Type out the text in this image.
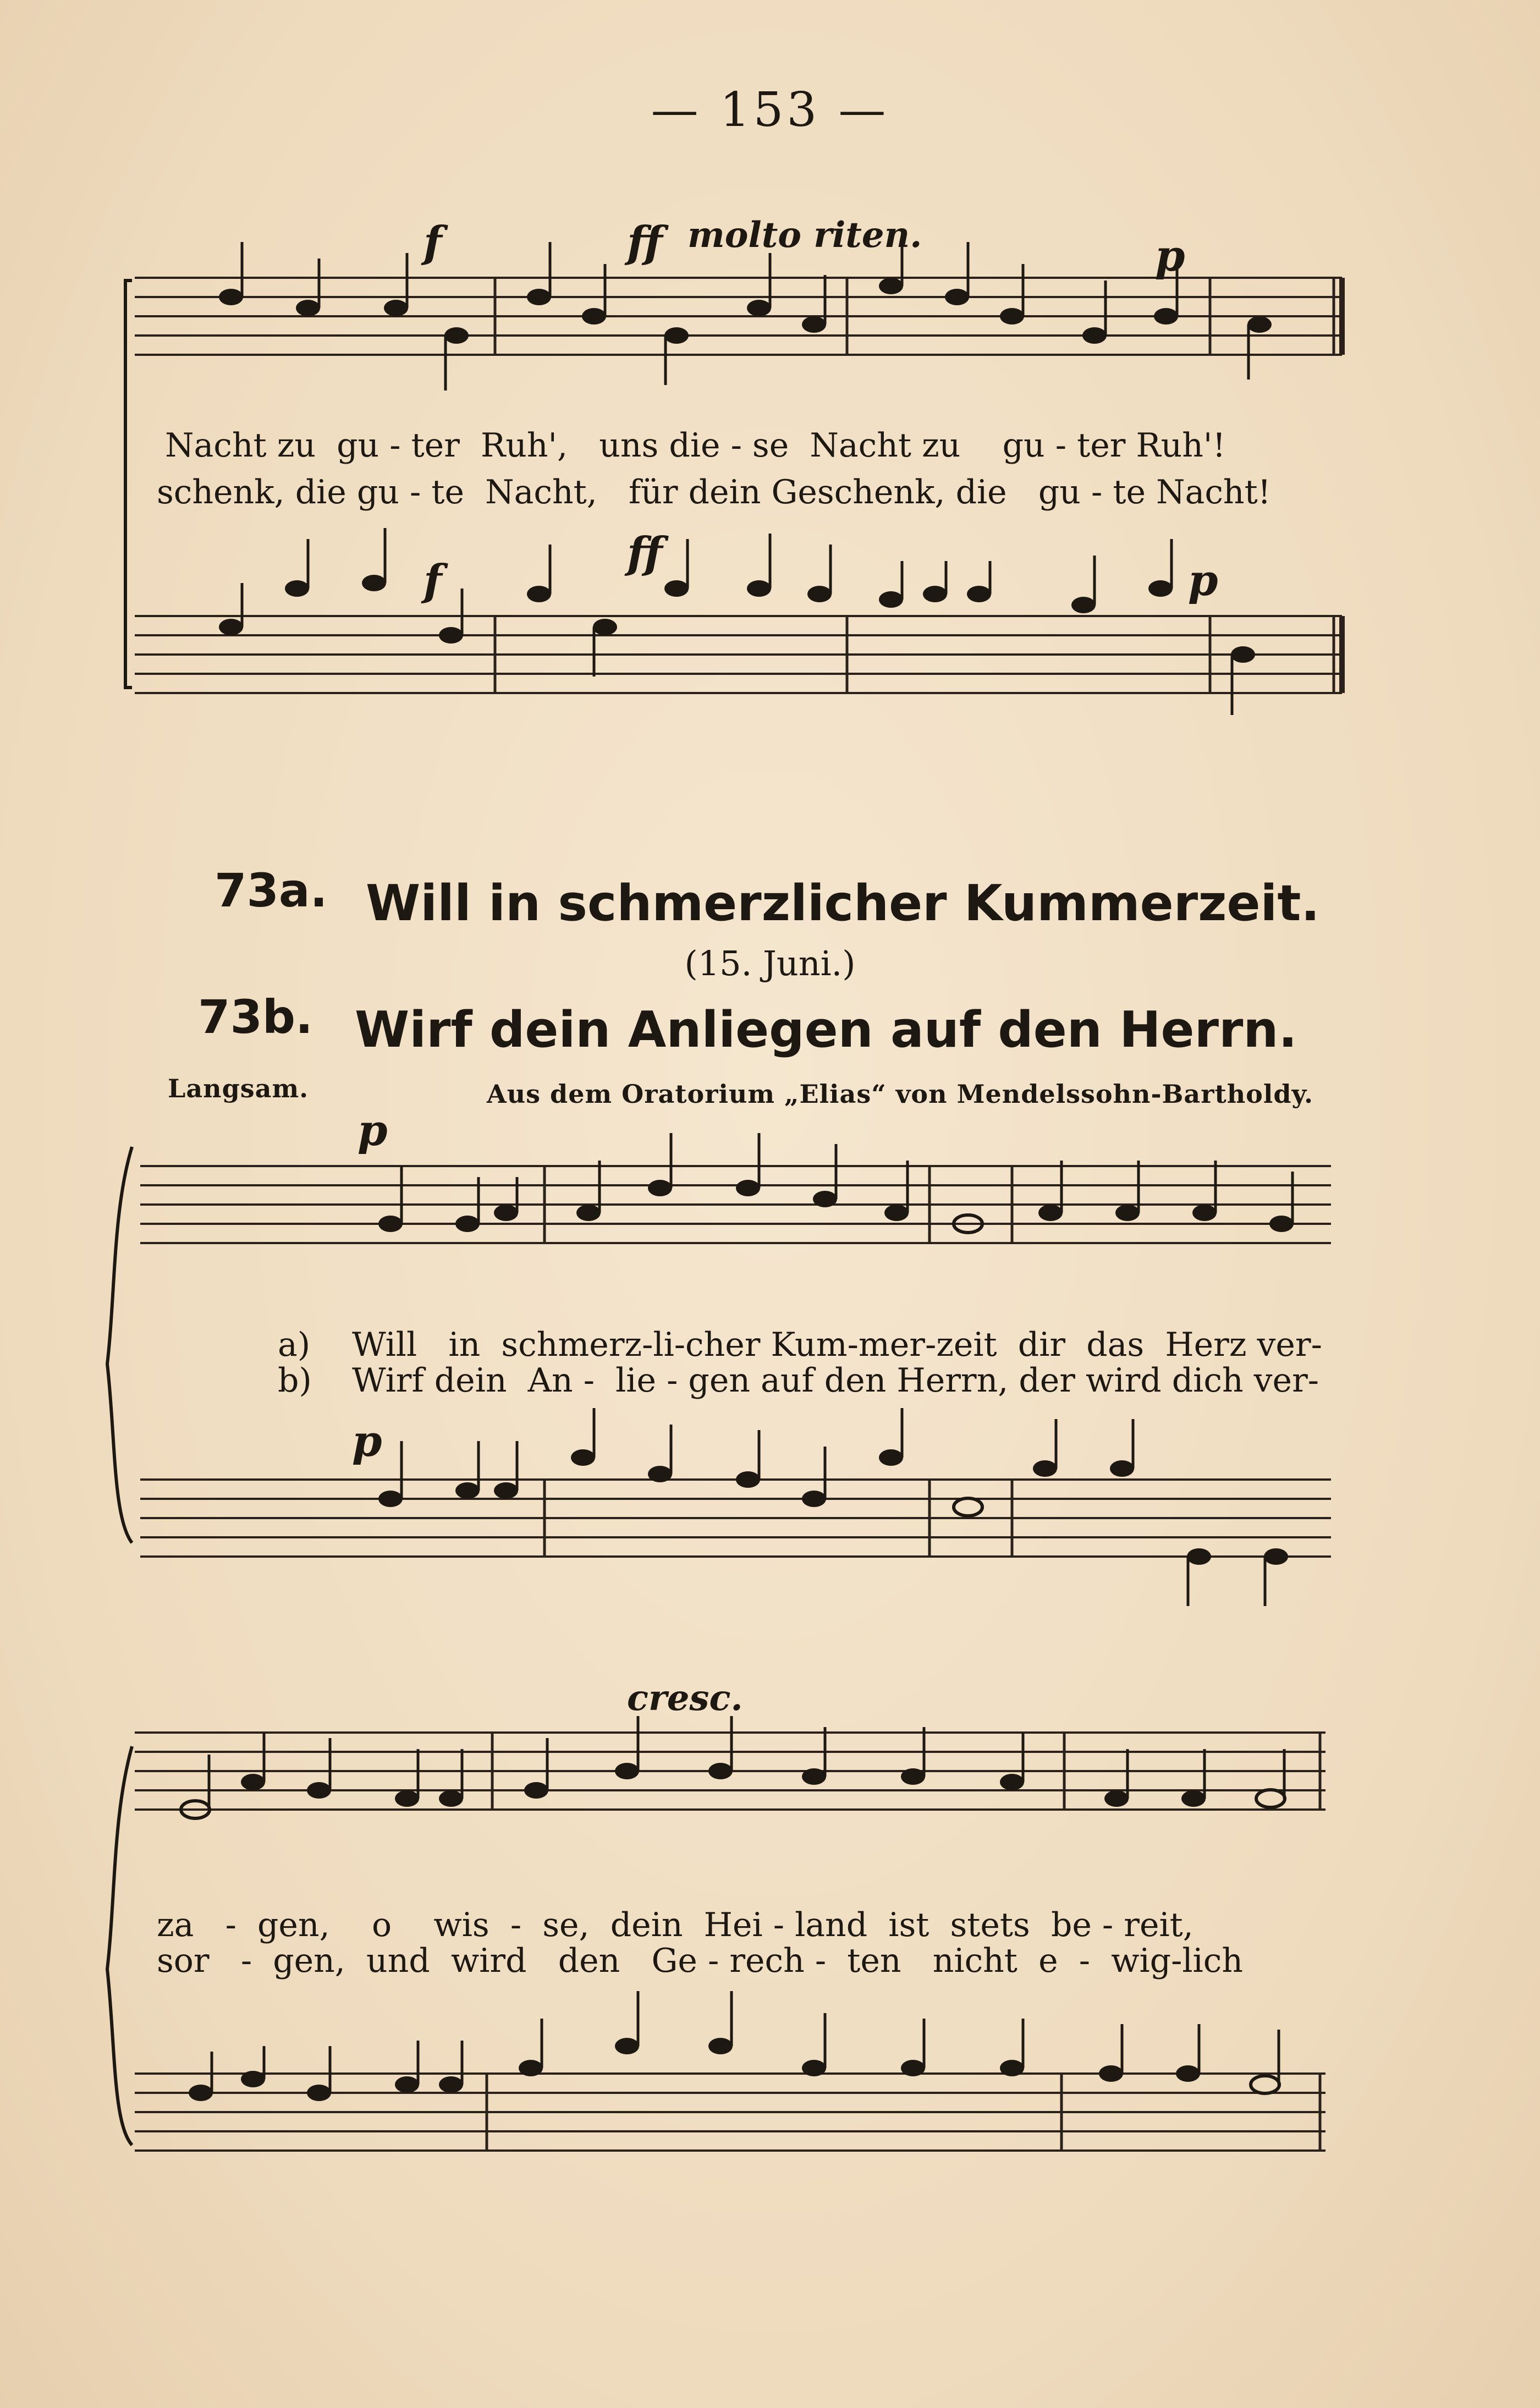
— 153 —
f	ff molto riten.	p
Nacht zu  gu - ter  Ruh',   uns die - se  Nacht zu    gu - ter Ruh'!
schenk, die gu - te  Nacht,   für dein Geschenk, die   gu - te Nacht!
f
ff
p
73a. Will in schmerzlicher Kummerzeit.
(15. Juni.)
73b. Wirf dein Anliegen auf den Herrn.
Langsam.	Aus dem Oratorium „Elias“ von Mendelssohn-Bartholdy.
p
p
a)
b)
Will   in  schmerz-li-cher Kum-mer-zeit  dir  das  Herz ver-
Wirf dein  An -  lie - gen auf den Herrn, der wird dich ver-
cresc.
za   -  gen,    o    wis  -  se,  dein  Hei - land  ist  stets  be - reit,
sor   -  gen,  und  wird   den   Ge - rech -  ten   nicht  e  -  wig-lich
